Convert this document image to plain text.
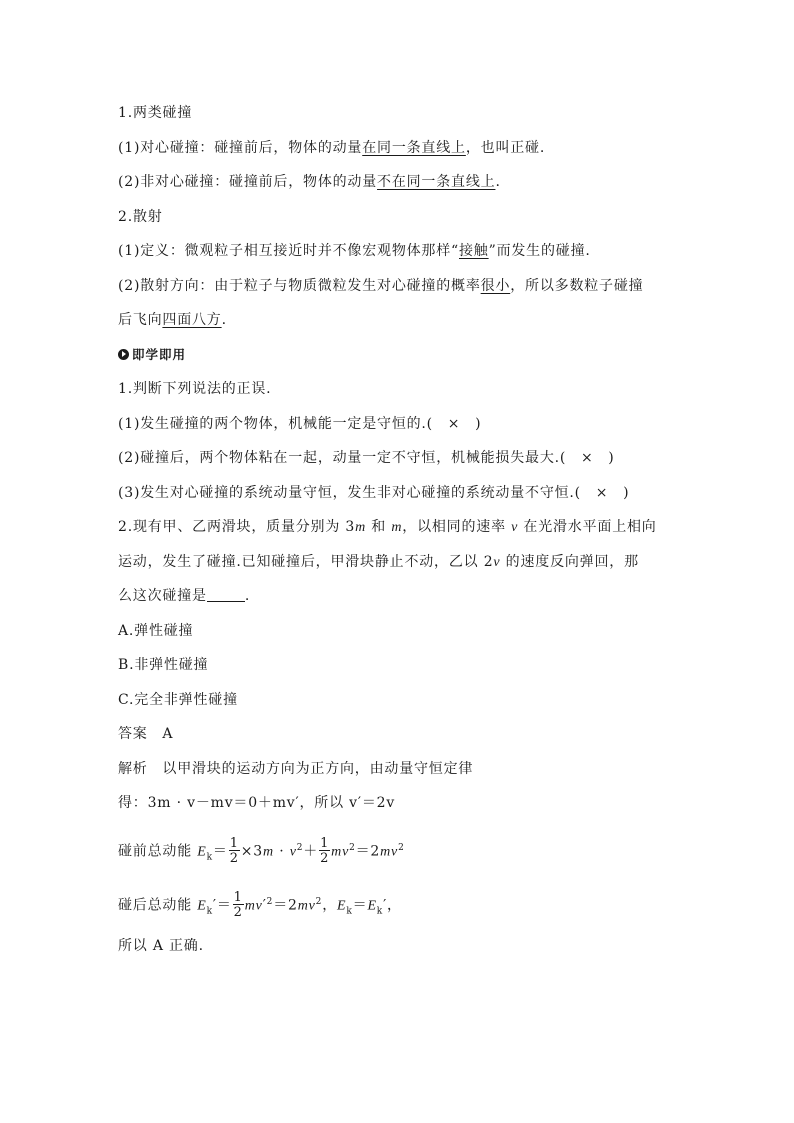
1.两类碰撞
(1)对心碰撞：碰撞前后，物体的动量在同一条直线上，也叫正碰.
(2)非对心碰撞：碰撞前后，物体的动量不在同一条直线上.
2.散射
(1)定义：微观粒子相互接近时并不像宏观物体那样“接触”而发生的碰撞.
(2)散射方向：由于粒子与物质微粒发生对心碰撞的概率很小，所以多数粒子碰撞
后飞向四面八方.
即学即用
1.判断下列说法的正误.
(1)发生碰撞的两个物体，机械能一定是守恒的.(　×　)
(2)碰撞后，两个物体粘在一起，动量一定不守恒，机械能损失最大.(　×　)
(3)发生对心碰撞的系统动量守恒，发生非对心碰撞的系统动量不守恒.(　×　)
2.现有甲、乙两滑块，质量分别为 3m 和 m，以相同的速率 v 在光滑水平面上相向
运动，发生了碰撞.已知碰撞后，甲滑块静止不动，乙以 2v 的速度反向弹回，那
么这次碰撞是	.
A.弹性碰撞
B.非弹性碰撞
C.完全非弹性碰撞
答案　A
解析　以甲滑块的运动方向为正方向，由动量守恒定律
得：3m · v－mv＝0＋mv′，所以 v′＝2v
碰前总动能 $E_k= \frac{1}{2} \times 3m \cdot v^2+ \frac{1}{2} mv^2=2mv^2$
碰后总动能 $E_k'= \frac{1}{2} mv'^2=2mv^2$，$E_k=E_k'$，
所以 A 正确.
